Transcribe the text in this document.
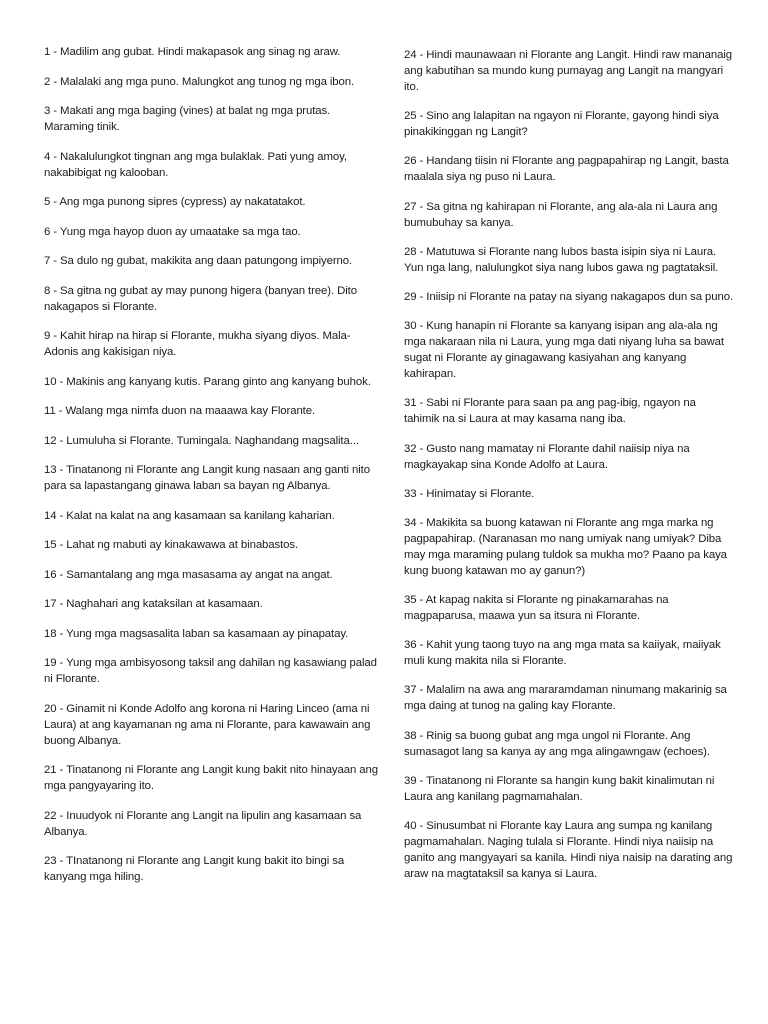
1 - Madilim ang gubat. Hindi makapasok ang sinag ng araw.

2 - Malalaki ang mga puno. Malungkot ang tunog ng mga ibon.

3 - Makati ang mga baging (vines) at balat ng mga prutas. Maraming tinik.

4 - Nakalulungkot tingnan ang mga bulaklak. Pati yung amoy, nakabibigat ng kalooban.

5 - Ang mga punong sipres (cypress) ay nakatatakot.

6 - Yung mga hayop duon ay umaatake sa mga tao.

7 - Sa dulo ng gubat, makikita ang daan patungong impiyerno.

8 - Sa gitna ng gubat ay may punong higera (banyan tree). Dito nakagapos si Florante.

9 - Kahit hirap na hirap si Florante, mukha siyang diyos. Mala-Adonis ang kakisigan niya.

10 - Makinis ang kanyang kutis. Parang ginto ang kanyang buhok.

11 - Walang mga nimfa duon na maaawa kay Florante.

12 - Lumuluha si Florante. Tumingala. Naghandang magsalita...

13 - Tinatanong ni Florante ang Langit kung nasaan ang ganti nito para sa lapastangang ginawa laban sa bayan ng Albanya.

14 - Kalat na kalat na ang kasamaan sa kanilang kaharian.

15 - Lahat ng mabuti ay kinakawawa at binabastos.

16 - Samantalang ang mga masasama ay angat na angat.

17 - Naghahari ang kataksilan at kasamaan.

18 - Yung mga magsasalita laban sa kasamaan ay pinapatay.

19 - Yung mga ambisyosong taksil ang dahilan ng kasawiang palad ni Florante.

20 - Ginamit ni Konde Adolfo ang korona ni Haring Linceo (ama ni Laura) at ang kayamanan ng ama ni Florante, para kawawain ang buong Albanya.

21 - Tinatanong ni Florante ang Langit kung bakit nito hinayaan ang mga pangyayaring ito.

22 - Inuudyok ni Florante ang Langit na lipulin ang kasamaan sa Albanya.

23 - TInatanong ni Florante ang Langit kung bakit ito bingi sa kanyang mga hiling.

24 - Hindi maunawaan ni Florante ang Langit. Hindi raw mananaig ang kabutihan sa mundo kung pumayag ang Langit na mangyari ito.

25 - Sino ang lalapitan na ngayon ni Florante, gayong hindi siya pinakikinggan ng Langit?

26 - Handang tiisin ni Florante ang pagpapahirap ng Langit, basta maalala siya ng puso ni Laura.

27 - Sa gitna ng kahirapan ni Florante, ang ala-ala ni Laura ang bumubuhay sa kanya.

28 - Matutuwa si Florante nang lubos basta isipin siya ni Laura. Yun nga lang, nalulungkot siya nang lubos gawa ng pagtataksil.

29 - Iniisip ni Florante na patay na siyang nakagapos dun sa puno.

30 - Kung hanapin ni Florante sa kanyang isipan ang ala-ala ng mga nakaraan nila ni Laura, yung mga dati niyang luha sa bawat sugat ni Florante ay ginagawang kasiyahan ang kanyang kahirapan.

31 - Sabi ni Florante para saan pa ang pag-ibig, ngayon na tahimik na si Laura at may kasama nang iba.

32 - Gusto nang mamatay ni Florante dahil naiisip niya na magkayakap sina Konde Adolfo at Laura.

33 - Hinimatay si Florante.

34 - Makikita sa buong katawan ni Florante ang mga marka ng pagpapahirap. (Naranasan mo nang umiyak nang umiyak? Diba may mga maraming pulang tuldok sa mukha mo? Paano pa kaya kung buong katawan mo ay ganun?)

35 - At kapag nakita si Florante ng pinakamarahas na magpaparusa, maawa yun sa itsura ni Florante.

36 - Kahit yung taong tuyo na ang mga mata sa kaiiyak, maiiyak muli kung makita nila si Florante.

37 - Malalim na awa ang mararamdaman ninumang makarinig sa mga daing at tunog na galing kay Florante.

38 - Rinig sa buong gubat ang mga ungol ni Florante. Ang sumasagot lang sa kanya ay ang mga alingawngaw (echoes).

39 - Tinatanong ni Florante sa hangin kung bakit kinalimutan ni Laura ang kanilang pagmamahalan.

40 - Sinusumbat ni Florante kay Laura ang sumpa ng kanilang pagmamahalan. Naging tulala si Florante. Hindi niya naiisip na ganito ang mangyayari sa kanila. Hindi niya naisip na darating ang araw na magtataksil sa kanya si Laura.
